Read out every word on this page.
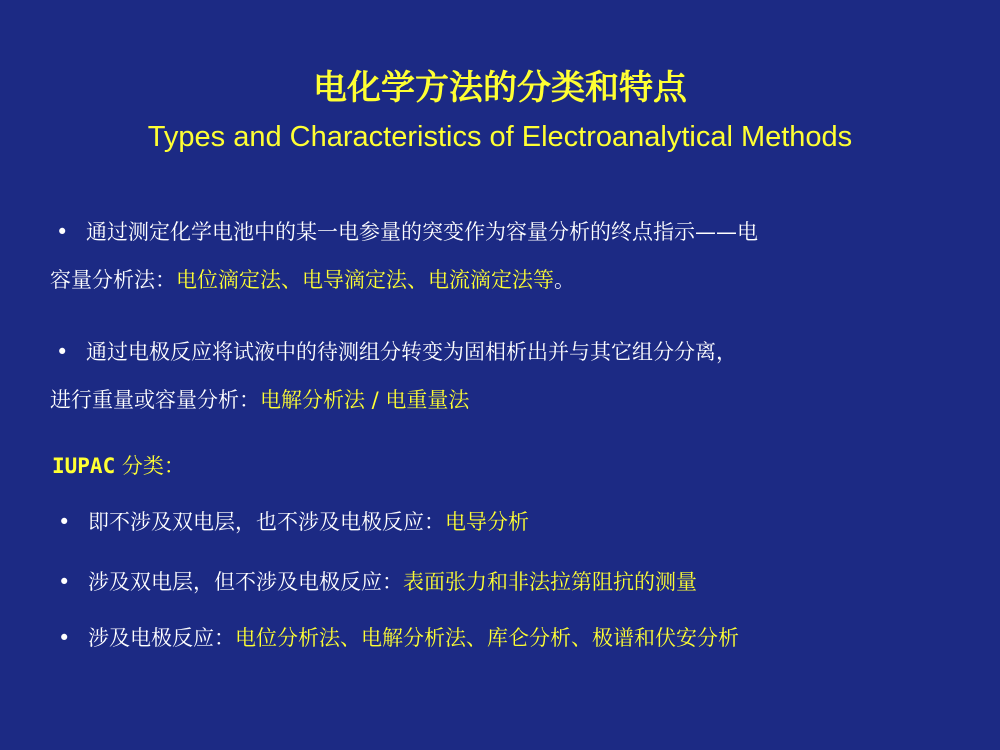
电化学方法的分类和特点
Types and Characteristics of Electroanalytical Methods
• 通过测定化学电池中的某一电参量的突变作为容量分析的终点指示——电
容量分析法：电位滴定法、电导滴定法、电流滴定法等。
• 通过电极反应将试液中的待测组分转变为固相析出并与其它组分分离，
进行重量或容量分析：电解分析法 / 电重量法
IUPAC 分类：
• 即不涉及双电层，也不涉及电极反应：电导分析
• 涉及双电层，但不涉及电极反应：表面张力和非法拉第阻抗的测量
• 涉及电极反应：电位分析法、电解分析法、库仑分析、极谱和伏安分析
